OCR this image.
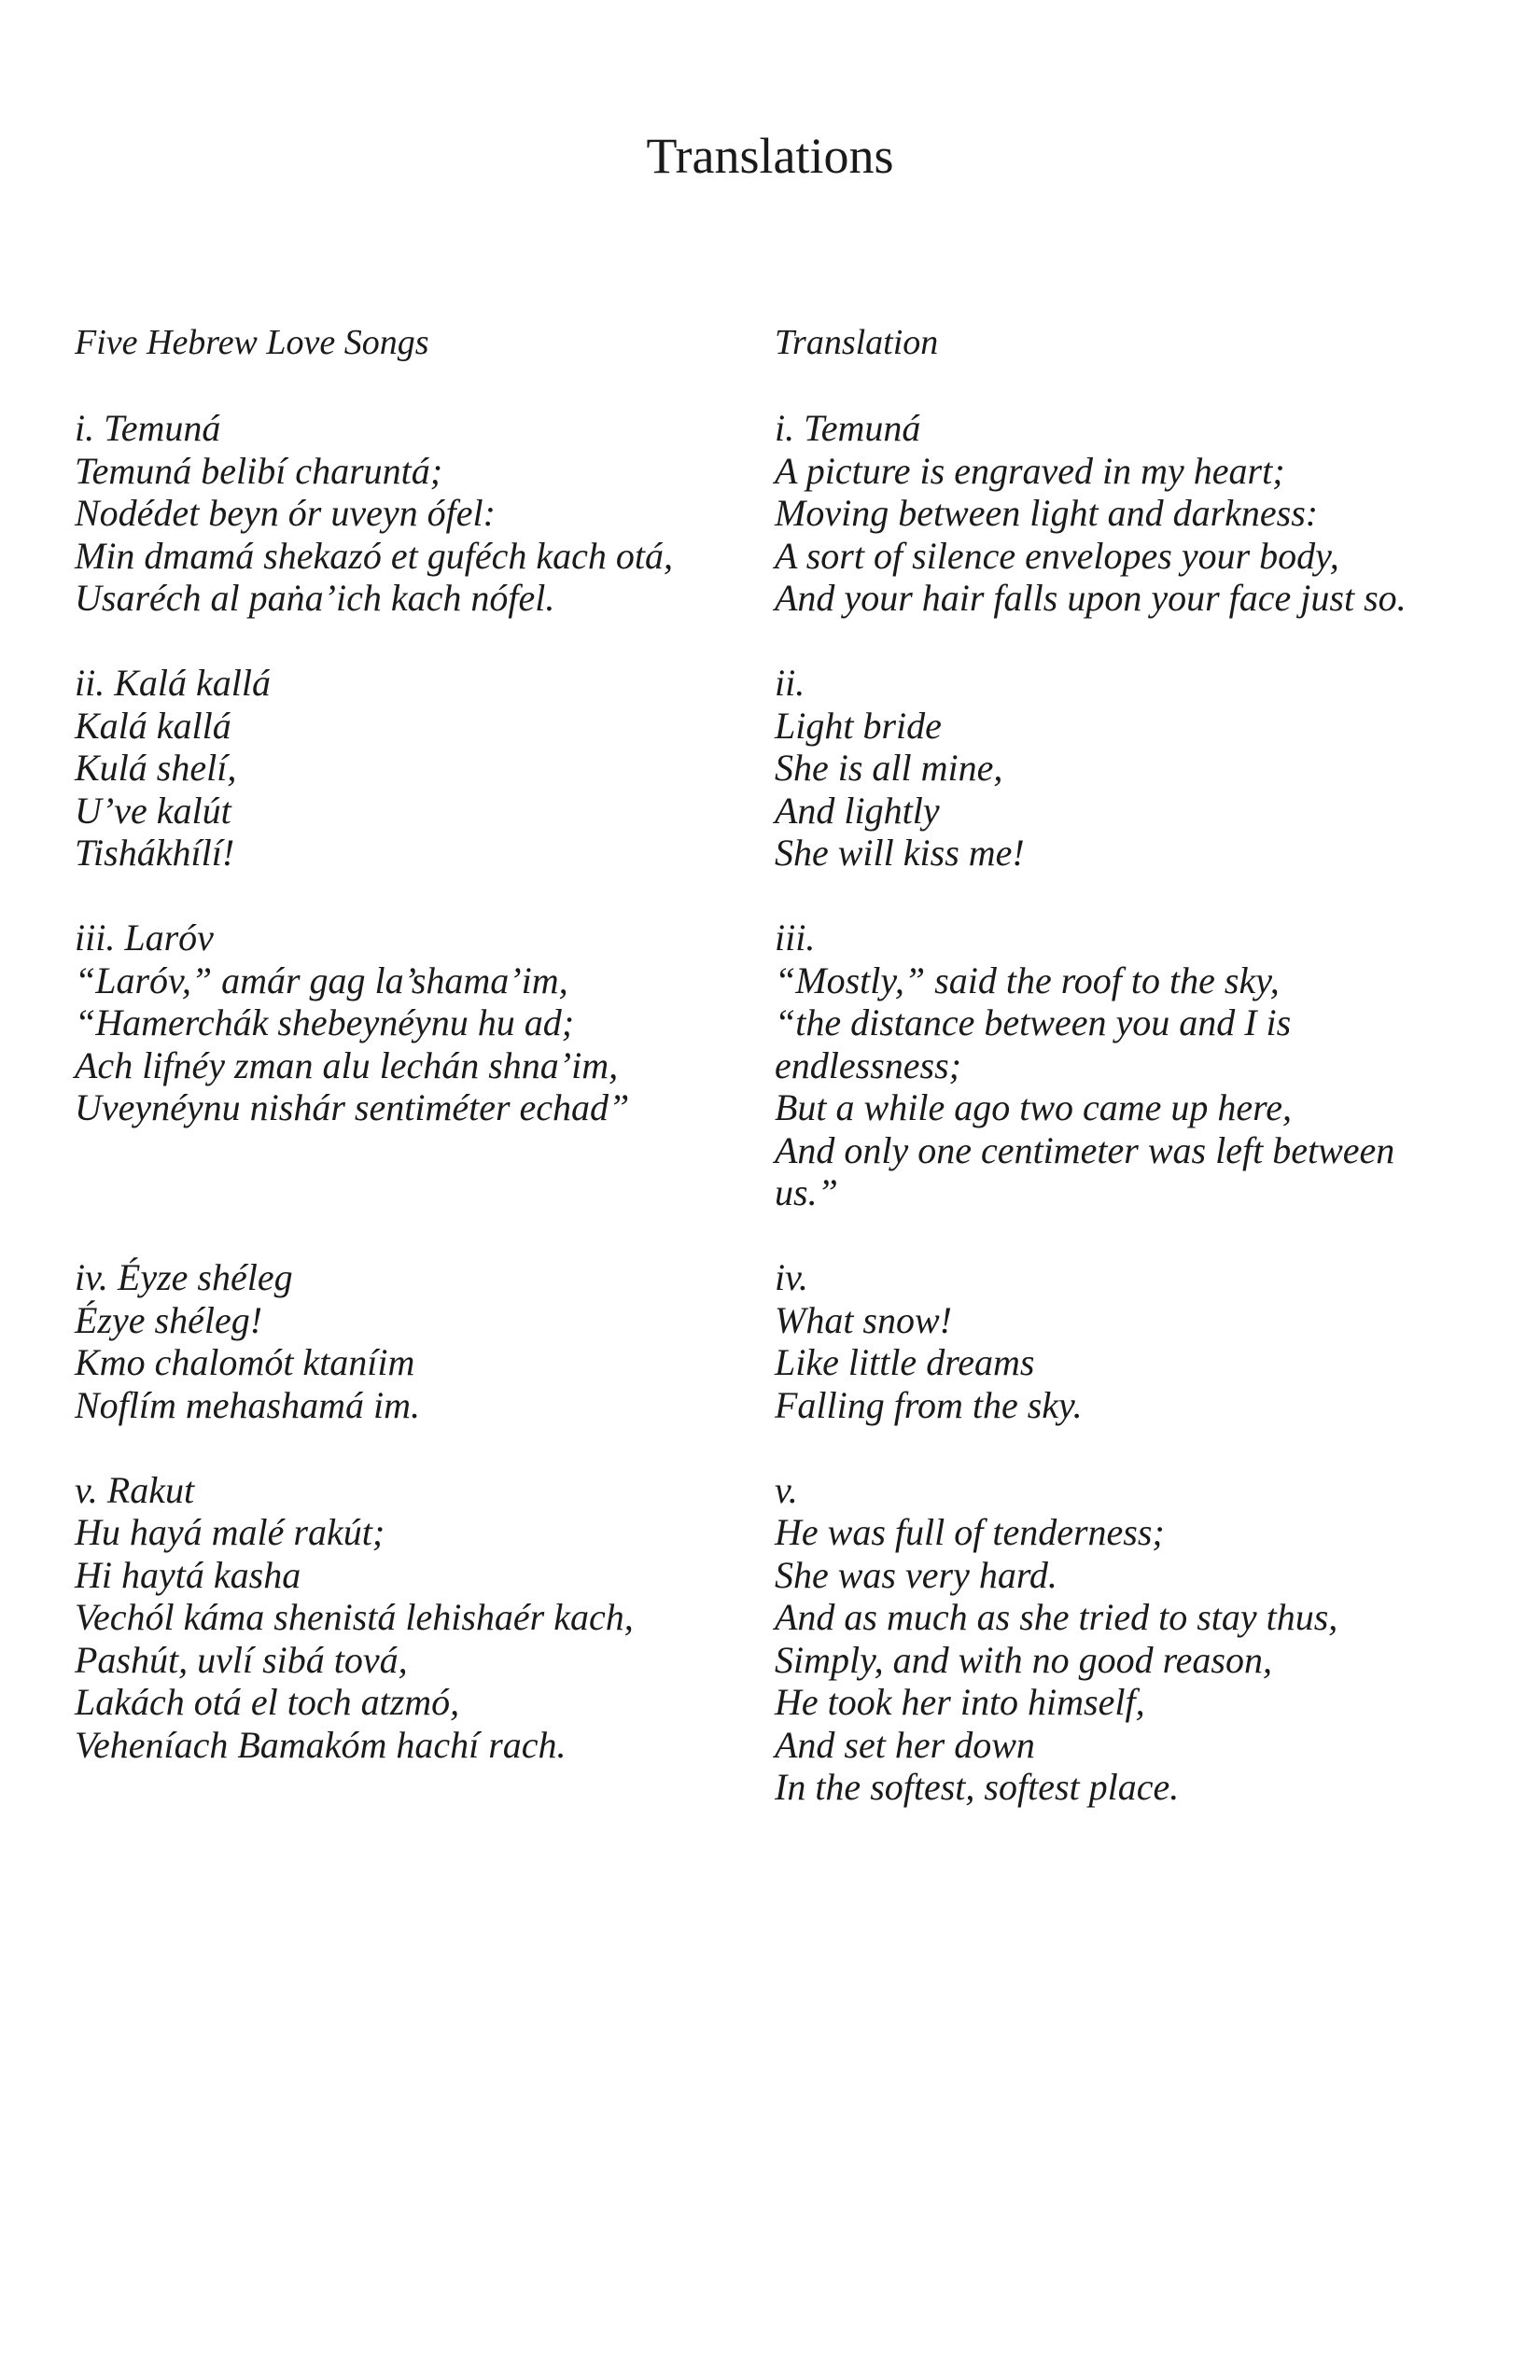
Translations
Five Hebrew Love Songs
i. Temuná
Temuná belibí charuntá;
Nodédet beyn ór uveyn ófel:
Min dmamá shekazó et guféch kach otá,
Usaréch al paṅa’ich kach nófel.
ii. Kalá kallá
Kalá kallá
Kulá shelí,
U’ve kalút
Tishákhílí!
iii. Laróv
“Laróv,” amár gag la’shama’im,
“Hamerchák shebeynéynu hu ad;
Ach lifnéy zman alu lechán shna’im,
Uveynéynu nishár sentiméter echad”
iv. Éyze shéleg
Ézye shéleg!
Kmo chalomót ktaníim
Noflím mehashamá im.
v. Rakut
Hu hayá malé rakút;
Hi haytá kasha
Vechól káma shenistá lehishaér kach,
Pashút, uvlí sibá tová,
Lakách otá el toch atzmó,
Veheníach Bamakóm hachí rach.
Translation
i. Temuná
A picture is engraved in my heart;
Moving between light and darkness:
A sort of silence envelopes your body,
And your hair falls upon your face just so.
ii.
Light bride
She is all mine,
And lightly
She will kiss me!
iii.
“Mostly,” said the roof to the sky,
“the distance between you and I is endlessness;
But a while ago two came up here,
And only one centimeter was left between us.”
iv.
What snow!
Like little dreams
Falling from the sky.
v.
He was full of tenderness;
She was very hard.
And as much as she tried to stay thus,
Simply, and with no good reason,
He took her into himself,
And set her down
In the softest, softest place.
